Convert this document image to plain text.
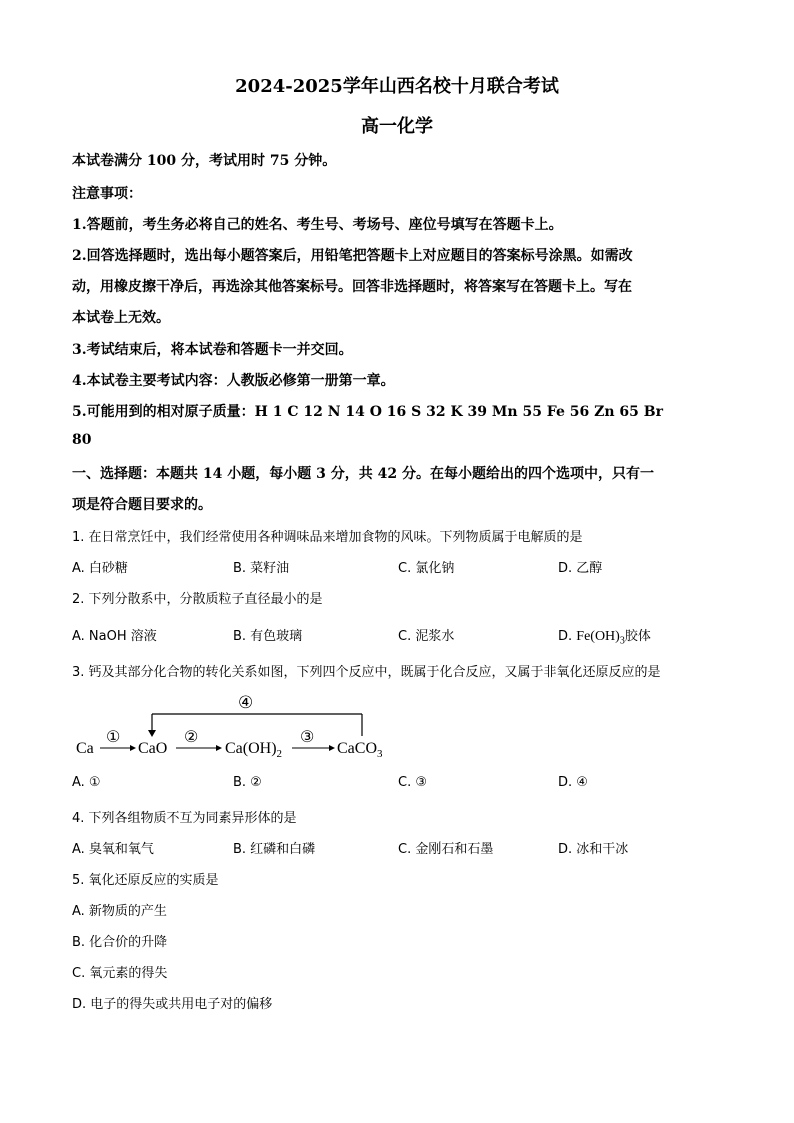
2024-2025学年山西名校十月联合考试
高一化学
本试卷满分 100 分，考试用时 75 分钟。
注意事项：
1.答题前，考生务必将自己的姓名、考生号、考场号、座位号填写在答题卡上。
2.回答选择题时，选出每小题答案后，用铅笔把答题卡上对应题目的答案标号涂黑。如需改
动，用橡皮擦干净后，再选涂其他答案标号。回答非选择题时，将答案写在答题卡上。写在
本试卷上无效。
3.考试结束后，将本试卷和答题卡一并交回。
4.本试卷主要考试内容：人教版必修第一册第一章。
5.可能用到的相对原子质量：H 1 C 12 N 14 O 16 S 32 K 39 Mn 55 Fe 56 Zn 65 Br
80
一、选择题：本题共 14 小题，每小题 3 分，共 42 分。在每小题给出的四个选项中，只有一
项是符合题目要求的。
1. 在日常烹饪中，我们经常使用各种调味品来增加食物的风味。下列物质属于电解质的是
A. 白砂糖	B. 菜籽油	C. 氯化钠	D. 乙醇
2. 下列分散系中，分散质粒子直径最小的是
A. NaOH 溶液	B. 有色玻璃	C. 泥浆水	D. $Fe(OH)_3$胶体
3. 钙及其部分化合物的转化关系如图，下列四个反应中，既属于化合反应，又属于非氧化还原反应的是
④
Ca	CaO	$Ca(OH)_2$	CaCO$_3$
①	②	③
A. ①	B. ②	C. ③	D. ④
4. 下列各组物质不互为同素异形体的是
A. 臭氧和氧气	B. 红磷和白磷	C. 金刚石和石墨	D. 冰和干冰
5. 氧化还原反应的实质是
A. 新物质的产生
B. 化合价的升降
C. 氧元素的得失
D. 电子的得失或共用电子对的偏移
